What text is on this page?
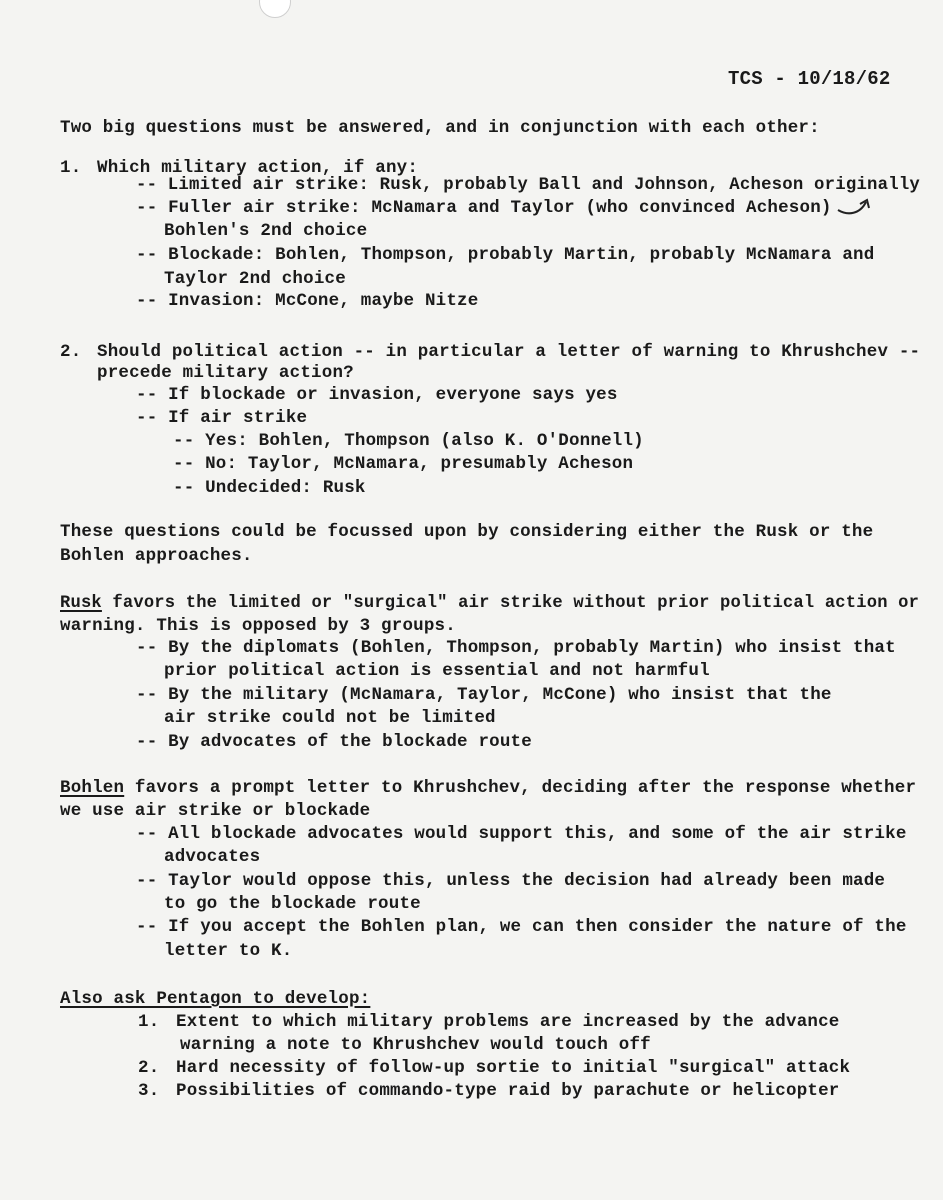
TCS - 10/18/62
Two big questions must be answered, and in conjunction with each other:
1. Which military action, if any:
-- Limited air strike: Rusk, probably Ball and Johnson, Acheson originally
-- Fuller air strike: McNamara and Taylor (who convinced Acheson)
Bohlen's 2nd choice
-- Blockade: Bohlen, Thompson, probably Martin, probably McNamara and
Taylor 2nd choice
-- Invasion: McCone, maybe Nitze
2. Should political action -- in particular a letter of warning to Khrushchev --
precede military action?
-- If blockade or invasion, everyone says yes
-- If air strike
-- Yes: Bohlen, Thompson (also K. O'Donnell)
-- No: Taylor, McNamara, presumably Acheson
-- Undecided: Rusk
These questions could be focussed upon by considering either the Rusk or the
Bohlen approaches.
Rusk favors the limited or "surgical" air strike without prior political action or
warning. This is opposed by 3 groups.
-- By the diplomats (Bohlen, Thompson, probably Martin) who insist that
prior political action is essential and not harmful
-- By the military (McNamara, Taylor, McCone) who insist that the
air strike could not be limited
-- By advocates of the blockade route
Bohlen favors a prompt letter to Khrushchev, deciding after the response whether
we use air strike or blockade
-- All blockade advocates would support this, and some of the air strike
advocates
-- Taylor would oppose this, unless the decision had already been made
to go the blockade route
-- If you accept the Bohlen plan, we can then consider the nature of the
letter to K.
Also ask Pentagon to develop:
1. Extent to which military problems are increased by the advance
warning a note to Khrushchev would touch off
2. Hard necessity of follow-up sortie to initial "surgical" attack
3. Possibilities of commando-type raid by parachute or helicopter
